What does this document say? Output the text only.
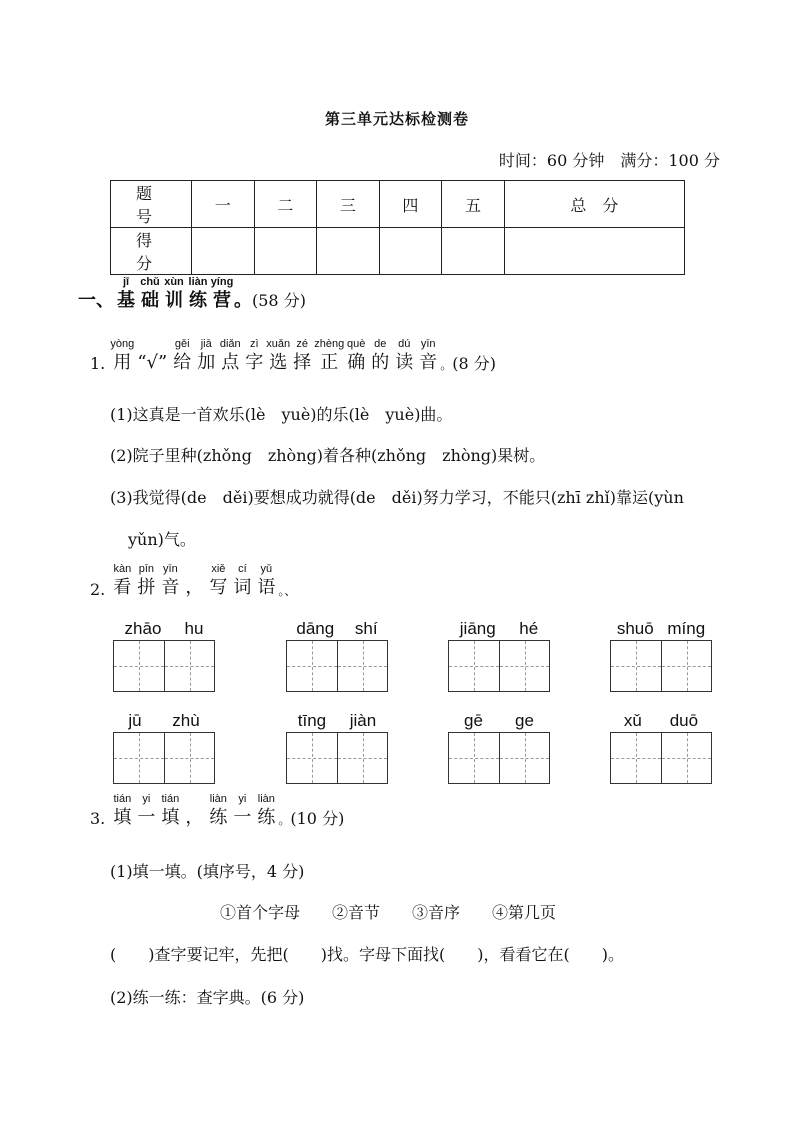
第三单元达标检测卷
时间：60 分钟　满分：100 分
题　号	一	二	三	四	五	总　分
得　分						
一、
jī
基
chǔ
础
xùn
训
liàn
练
yíng
营 。(58 分)
1.
yòng
用 “√”
gěi
给
jiā
加
diǎn
点
zì
字
xuǎn
选
zé
择
zhèng
正
què
确
de
的
dú
读
yīn
音 。(8 分)
(1)这真是一首欢乐(lè　yuè)的乐(lè　yuè)曲。
(2)院子里种(zhǒng　zhòng)着各种(zhǒng　zhòng)果树。
(3)我觉得(de　děi)要想成功就得(de　děi)努力学习，不能只(zhī zhǐ)靠运(yùn
yǔn)气。
2.
kàn
看
pīn
拼
yīn
音 ，
xiě
写
cí
词
yǔ
语 。、
zhāo hu	dāng shí	jiāng hé	shuō míng
jū zhù	tīng jiàn	gē ge	xǔ duō
3.
tián
填
yi
一
tián
填 ，
liàn
练
yi
一
liàn
练 。(10 分)
(1)填一填。(填序号，4 分)
①首个字母　　②音节　　③音序　　④第几页
(　　)查字要记牢，先把(　　)找。字母下面找(　　)，看看它在(　　)。
(2)练一练：查字典。(6 分)
